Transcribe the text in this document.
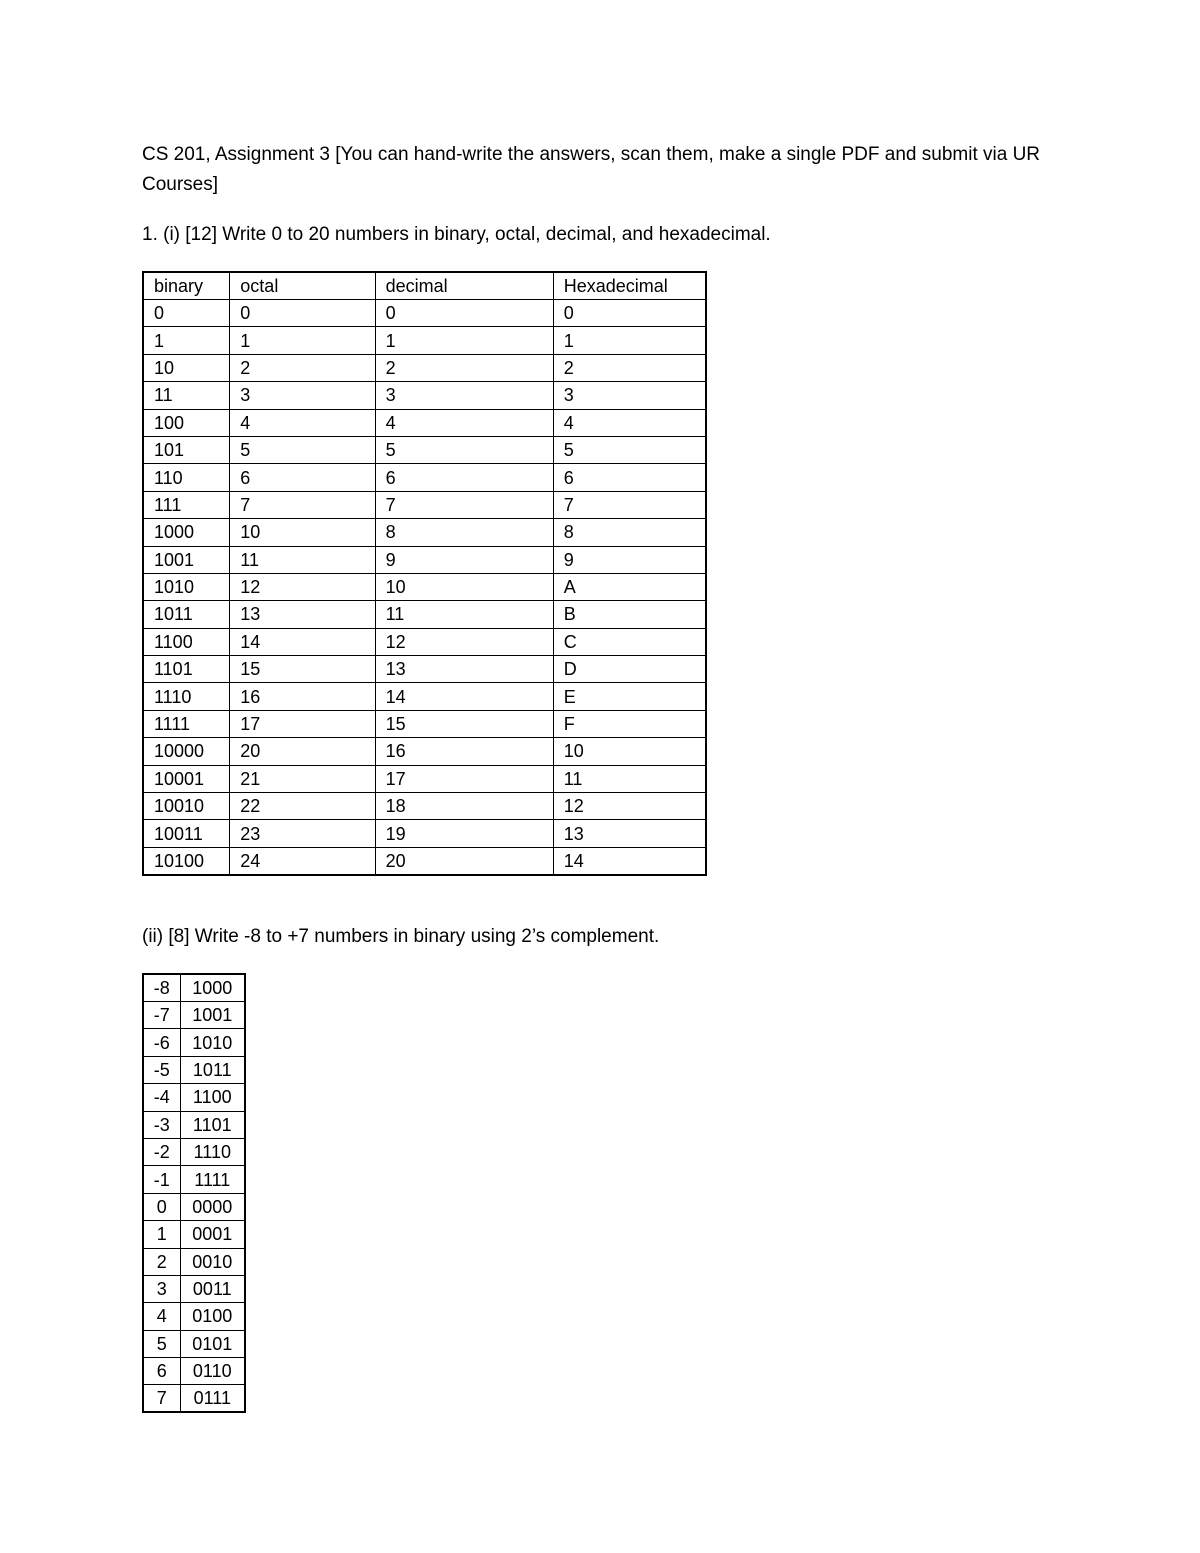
CS 201, Assignment 3 [You can hand-write the answers, scan them, make a single PDF and submit via UR

Courses]

1. (i) [12] Write 0 to 20 numbers in binary, octal, decimal, and hexadecimal.

binary	octal	decimal	Hexadecimal
0	0	0	0
1	1	1	1
10	2	2	2
11	3	3	3
100	4	4	4
101	5	5	5
110	6	6	6
111	7	7	7
1000	10	8	8
1001	11	9	9
1010	12	10	A
1011	13	11	B
1100	14	12	C
1101	15	13	D
1110	16	14	E
1111	17	15	F
10000	20	16	10
10001	21	17	11
10010	22	18	12
10011	23	19	13
10100	24	20	14

(ii) [8] Write -8 to +7 numbers in binary using 2’s complement.

-8	1000
-7	1001
-6	1010
-5	1011
-4	1100
-3	1101
-2	1110
-1	1111
0	0000
1	0001
2	0010
3	0011
4	0100
5	0101
6	0110
7	0111
